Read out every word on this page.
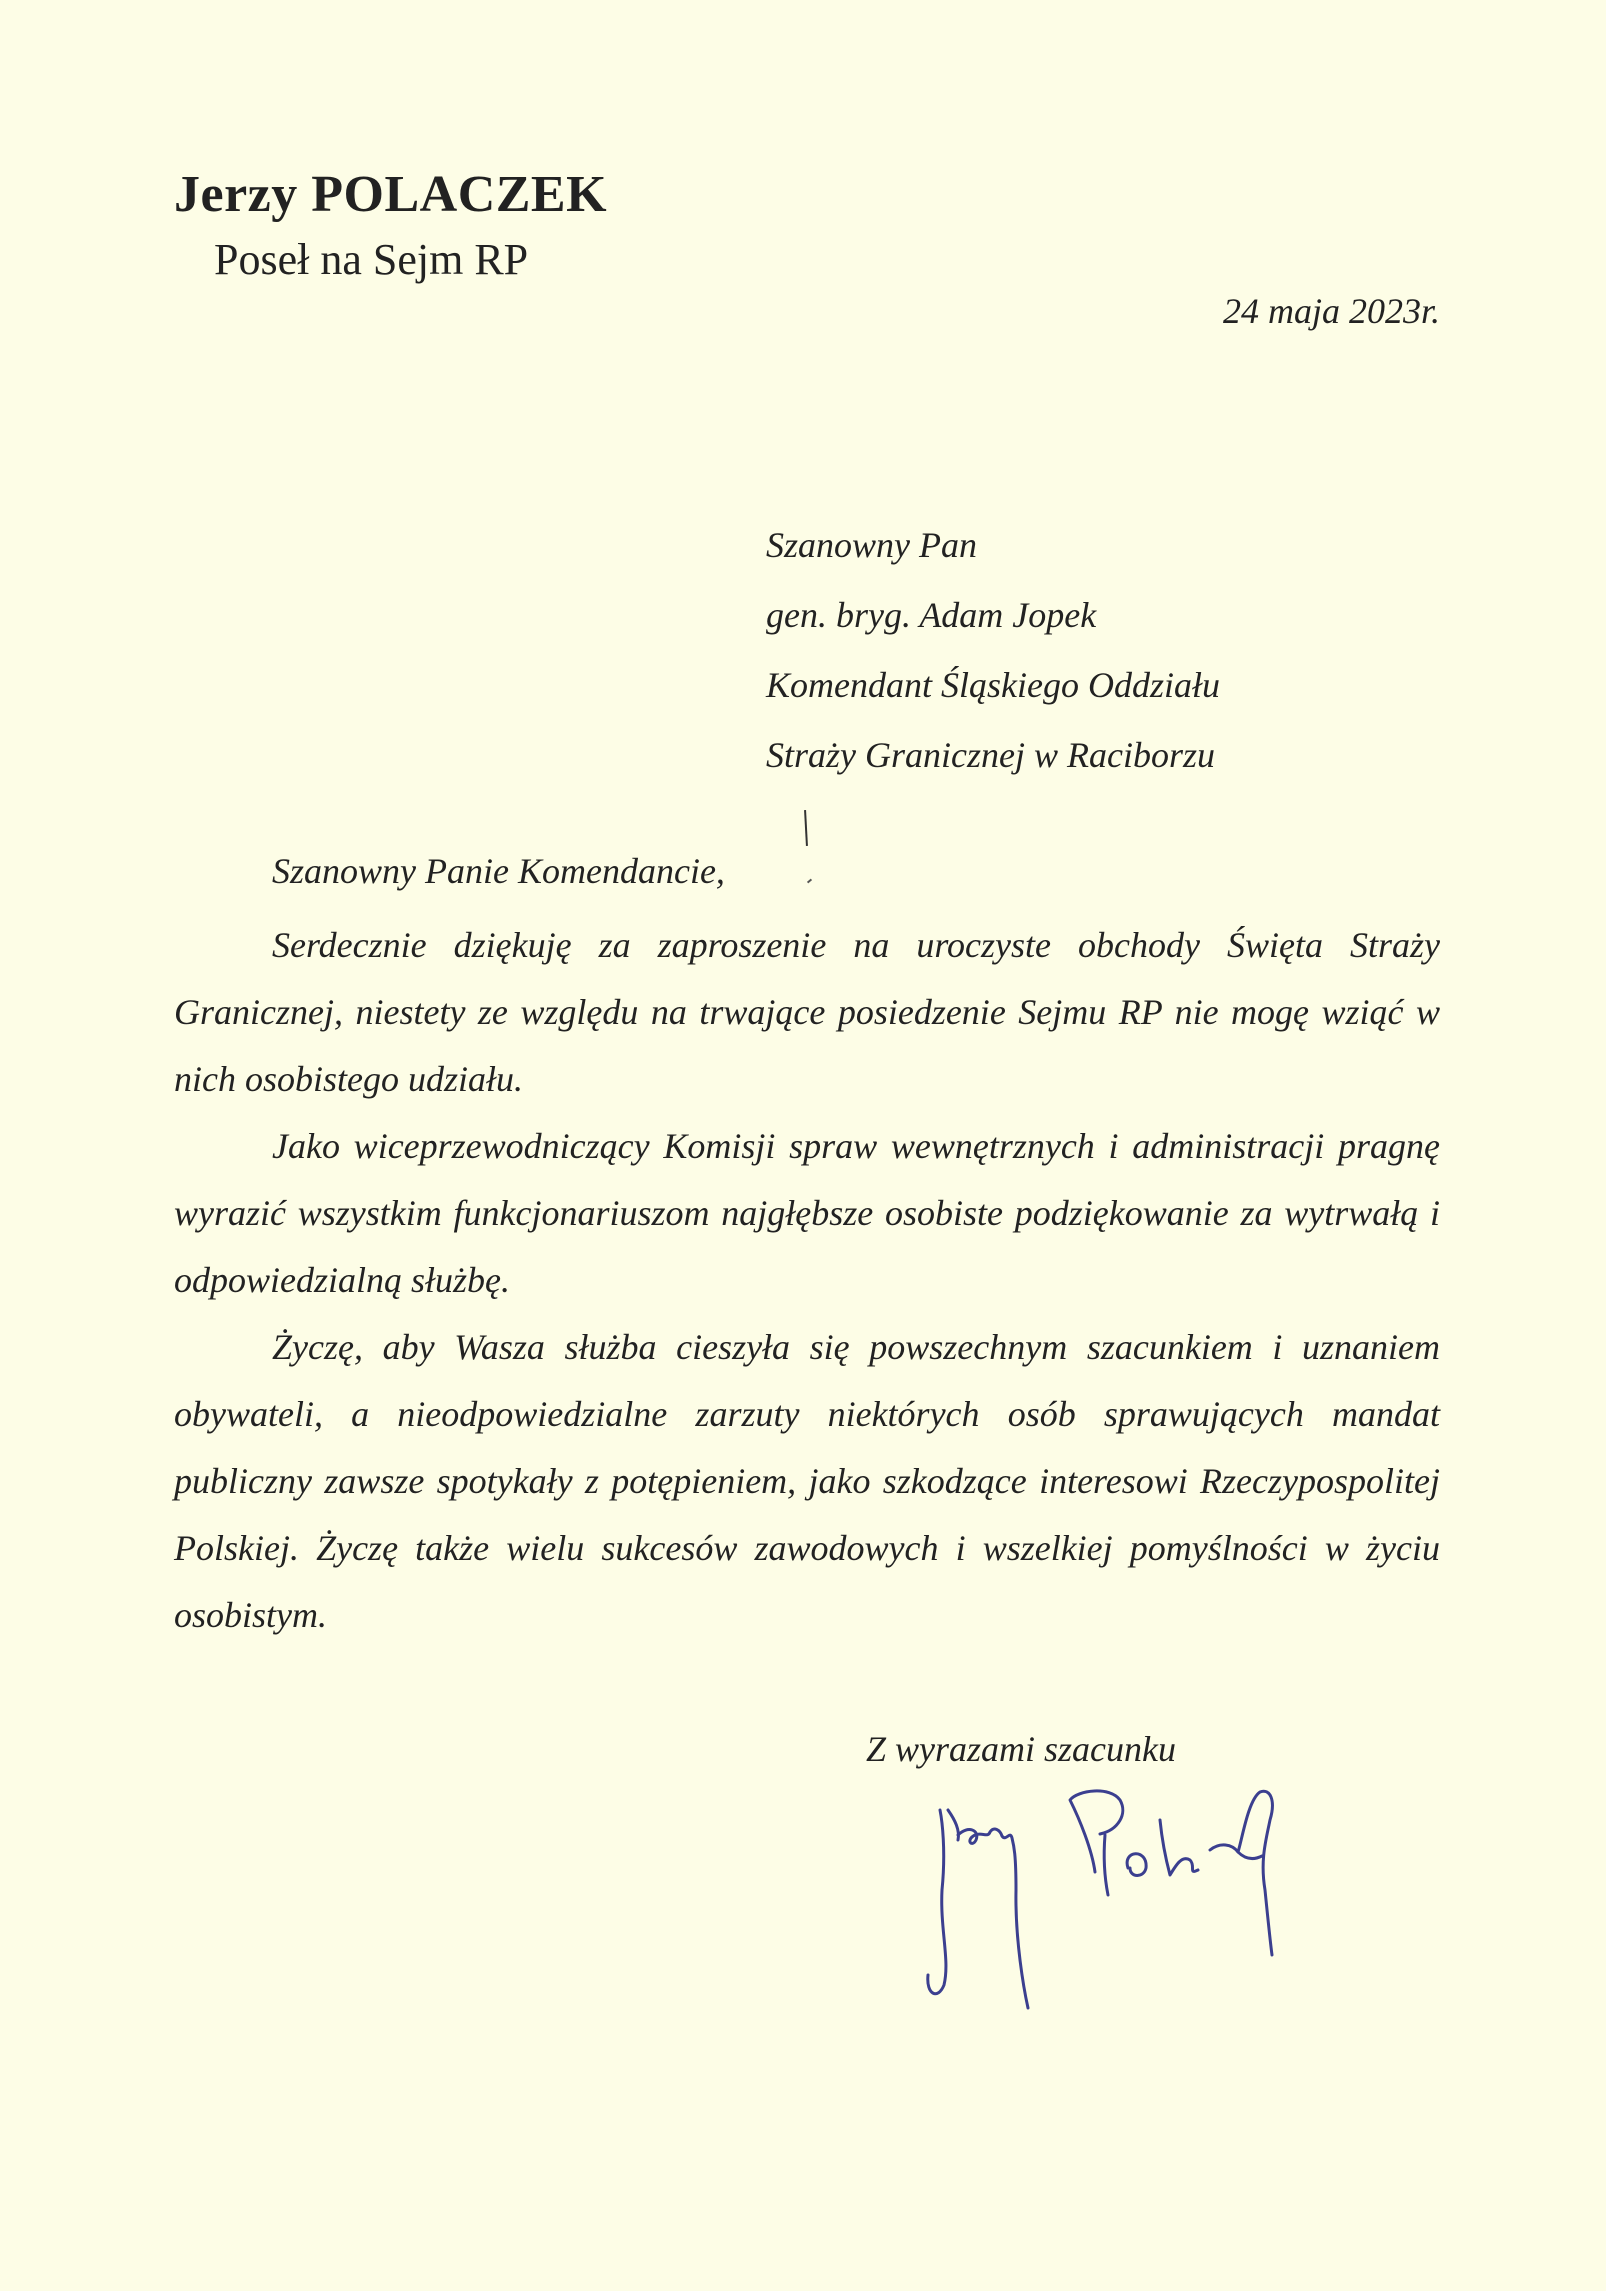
Jerzy POLACZEK
Poseł na Sejm RP
24 maja 2023r.
Szanowny Pan
gen. bryg. Adam Jopek
Komendant Śląskiego Oddziału
Straży Granicznej w Raciborzu
Szanowny Panie Komendancie,

Serdecznie dziękuję za zaproszenie na uroczyste obchody Święta Straży Granicznej, niestety ze względu na trwające posiedzenie Sejmu RP nie mogę wziąć w nich osobistego udziału.

Jako wiceprzewodniczący Komisji spraw wewnętrznych i administracji pragnę wyrazić wszystkim funkcjonariuszom najgłębsze osobiste podziękowanie za wytrwałą i odpowiedzialną służbę.

Życzę, aby Wasza służba cieszyła się powszechnym szacunkiem i uznaniem obywateli, a nieodpowiedzialne zarzuty niektórych osób sprawujących mandat publiczny zawsze spotykały z potępieniem, jako szkodzące interesowi Rzeczypospolitej Polskiej. Życzę także wielu sukcesów zawodowych i wszelkiej pomyślności w życiu osobistym.

Z wyrazami szacunku
